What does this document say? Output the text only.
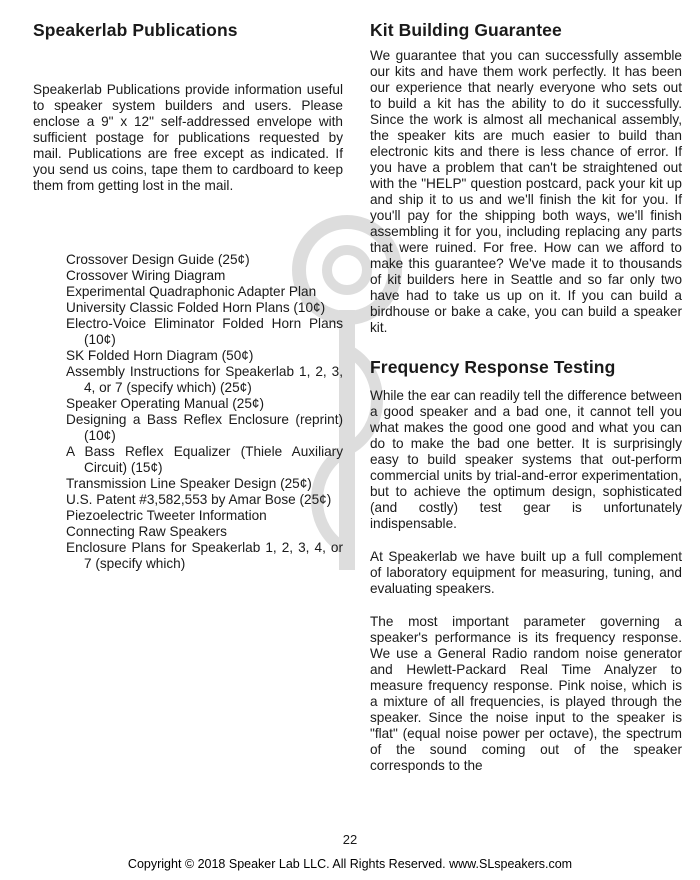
Speakerlab Publications

Speakerlab Publications provide information useful to speaker system builders and users. Please enclose a 9" x 12" self-addressed envelope with sufficient postage for publications requested by mail. Publications are free except as indicated. If you send us coins, tape them to cardboard to keep them from getting lost in the mail.

Crossover Design Guide (25¢)
Crossover Wiring Diagram
Experimental Quadraphonic Adapter Plan
University Classic Folded Horn Plans (10¢)
Electro-Voice Eliminator Folded Horn Plans (10¢)
SK Folded Horn Diagram (50¢)
Assembly Instructions for Speakerlab 1, 2, 3, 4, or 7 (specify which) (25¢)
Speaker Operating Manual (25¢)
Designing a Bass Reflex Enclosure (reprint) (10¢)
A Bass Reflex Equalizer (Thiele Auxiliary Circuit) (15¢)
Transmission Line Speaker Design (25¢)
U.S. Patent #3,582,553 by Amar Bose (25¢)
Piezoelectric Tweeter Information
Connecting Raw Speakers
Enclosure Plans for Speakerlab 1, 2, 3, 4, or 7 (specify which)
Kit Building Guarantee

We guarantee that you can successfully assemble our kits and have them work perfectly. It has been our experience that nearly everyone who sets out to build a kit has the ability to do it successfully. Since the work is almost all mechanical assembly, the speaker kits are much easier to build than electronic kits and there is less chance of error. If you have a problem that can't be straightened out with the "HELP" question postcard, pack your kit up and ship it to us and we'll finish the kit for you. If you'll pay for the shipping both ways, we'll finish assembling it for you, including replacing any parts that were ruined. For free. How can we afford to make this guarantee? We've made it to thousands of kit builders here in Seattle and so far only two have had to take us up on it. If you can build a birdhouse or bake a cake, you can build a speaker kit.

Frequency Response Testing

While the ear can readily tell the difference between a good speaker and a bad one, it cannot tell you what makes the good one good and what you can do to make the bad one better. It is surprisingly easy to build speaker systems that out-perform commercial units by trial-and-error experimentation, but to achieve the optimum design, sophisticated (and costly) test gear is unfortunately indispensable.

At Speakerlab we have built up a full complement of laboratory equipment for measuring, tuning, and evaluating speakers.

The most important parameter governing a speaker's performance is its frequency response. We use a General Radio random noise generator and Hewlett-Packard Real Time Analyzer to measure frequency response. Pink noise, which is a mixture of all frequencies, is played through the speaker. Since the noise input to the speaker is "flat" (equal noise power per octave), the spectrum of the sound coming out of the speaker corresponds to the

22
Copyright © 2018 Speaker Lab LLC. All Rights Reserved. www.SLspeakers.com
